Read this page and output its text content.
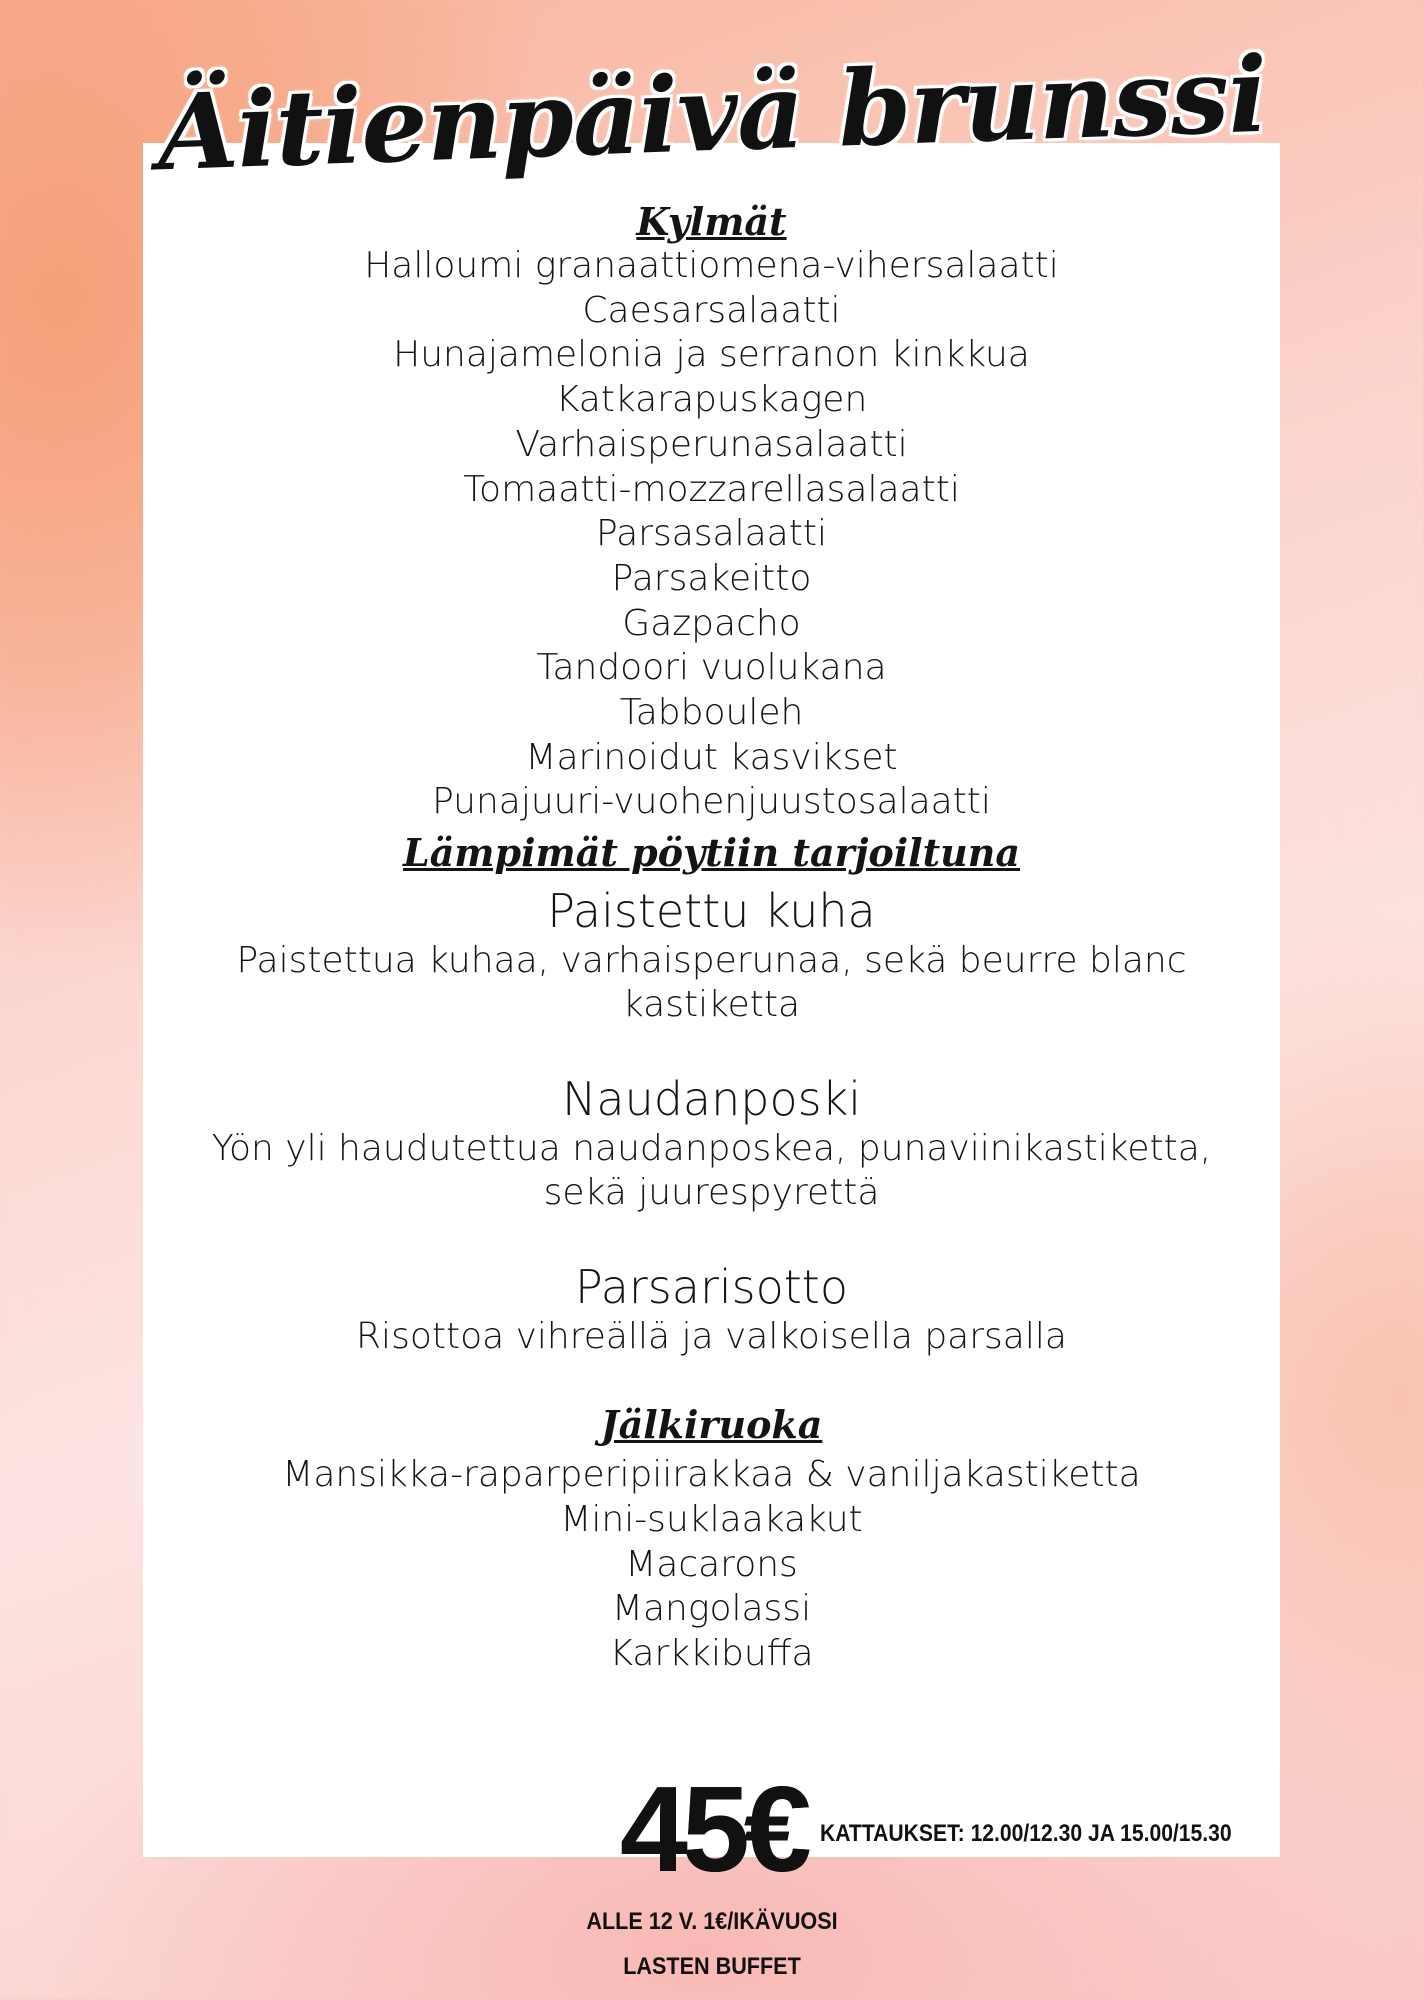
Äitienpäivä brunssi
Kylmät
Halloumi granaattiomena-vihersalaatti
Caesarsalaatti
Hunajamelonia ja serranon kinkkua
Katkarapuskagen
Varhaisperunasalaatti
Tomaatti-mozzarellasalaatti
Parsasalaatti
Parsakeitto
Gazpacho
Tandoori vuolukana
Tabbouleh
Marinoidut kasvikset
Punajuuri-vuohenjuustosalaatti
Lämpimät pöytiin tarjoiltuna

Paistettu kuha

Paistettua kuhaa, varhaisperunaa, sekä beurre blanc

kastiketta

Naudanposki

Yön yli haudutettua naudanposkea, punaviinikastiketta,

sekä juurespyrettä

Parsarisotto

Risottoa vihreällä ja valkoisella parsalla

Jälkiruoka
Mansikka-raparperipiirakkaa & vaniljakastiketta
Mini-suklaakakut
Macarons
Mangolassi
Karkkibuffa
45€ KATTAUKSET: 12.00/12.30 JA 15.00/15.30
ALLE 12 V. 1€/IKÄVUOSI
LASTEN BUFFET
